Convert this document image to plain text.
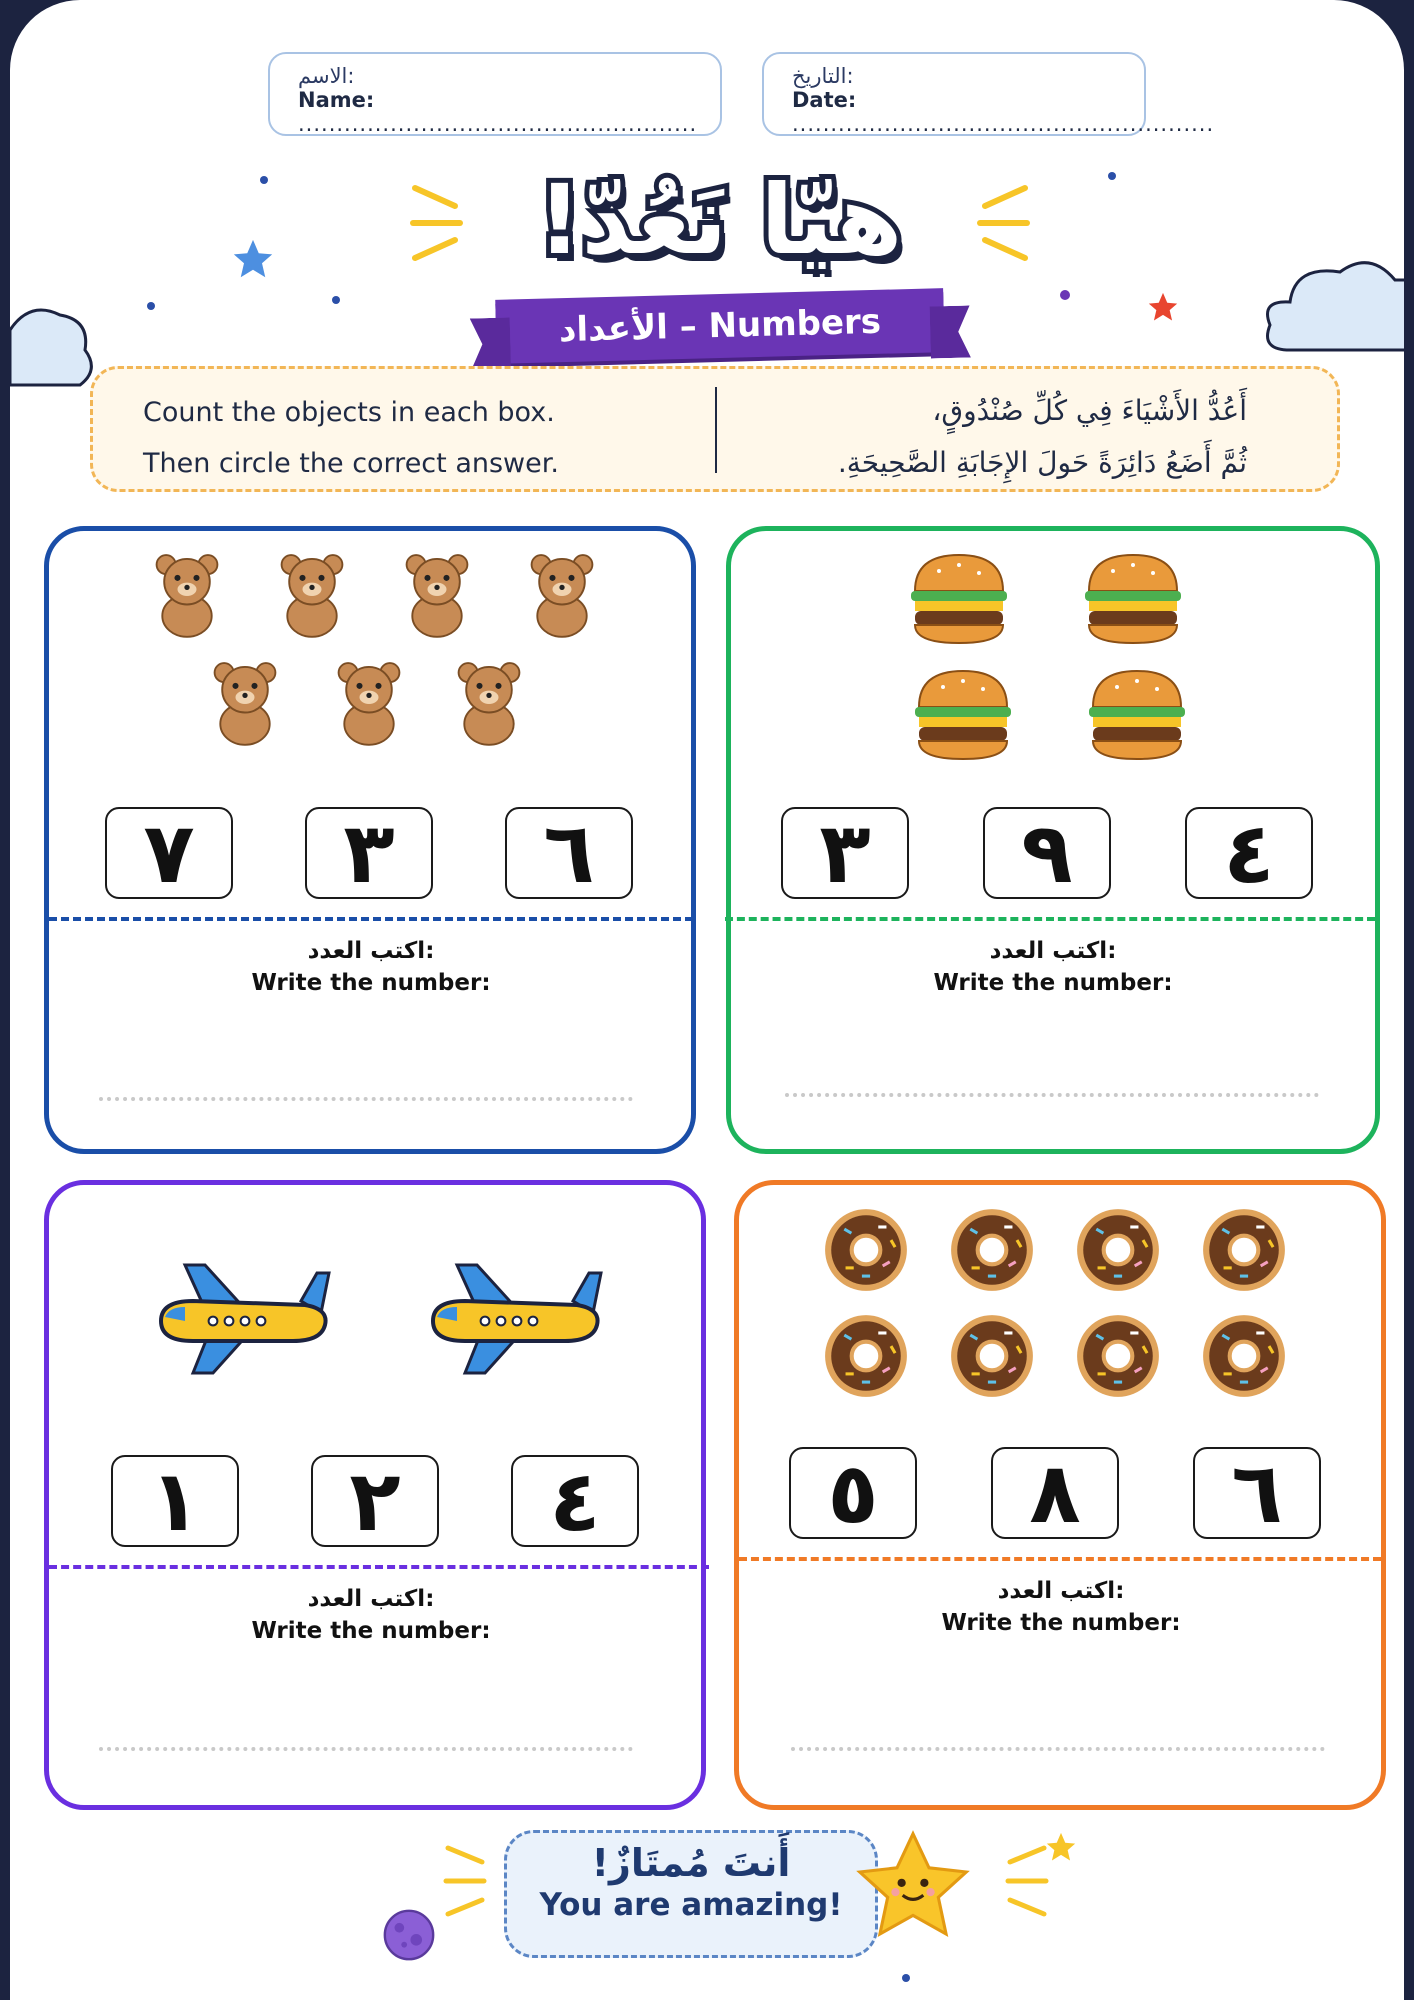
الاسم:
Name: ....................................................
التاريخ:
Date: .......................................................
هيّا نَعُدّ!
الأعداد – Numbers
Count the objects in each box.
Then circle the correct answer.
أَعُدُّ الأَشْيَاءَ فِي كُلِّ صُنْدُوقٍ،
ثُمَّ أَضَعُ دَائِرَةً حَولَ الإِجَابَةِ الصَّحِيحَةِ.
٧	٣	٦
اكتب العدد:
Write the number:
٣	٩	٤
اكتب العدد:
Write the number:
١	٢	٤
اكتب العدد:
Write the number:
٥	٨	٦
اكتب العدد:
Write the number:
أَنتَ مُمتَازٌ!
You are amazing!
